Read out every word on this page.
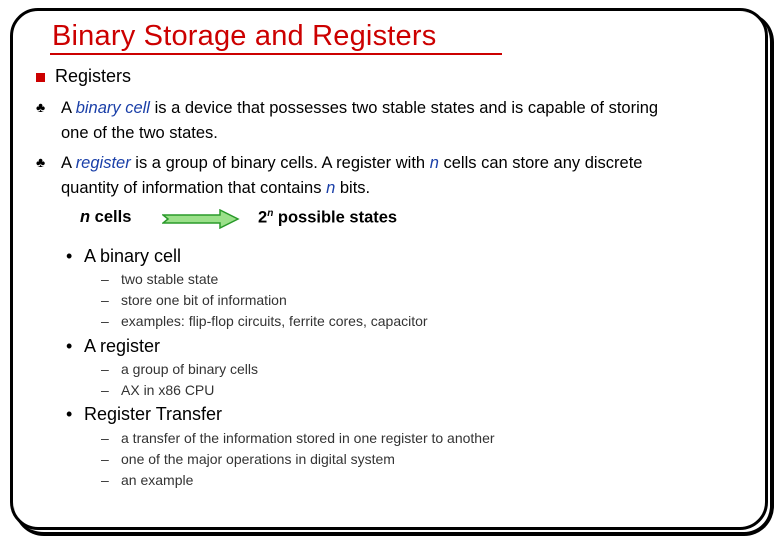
Binary Storage and Registers
Registers
♣ A binary cell is a device that possesses two stable states and is capable of storing
one of the two states.
♣ A register is a group of binary cells. A register with n cells can store any discrete
quantity of information that contains n bits.
n cells	2$^n$ possible states
• A binary cell
– two stable state
– store one bit of information
– examples: flip-flop circuits, ferrite cores, capacitor
• A register
– a group of binary cells
– AX in x86 CPU
• Register Transfer
– a transfer of the information stored in one register to another
– one of the major operations in digital system
– an example
